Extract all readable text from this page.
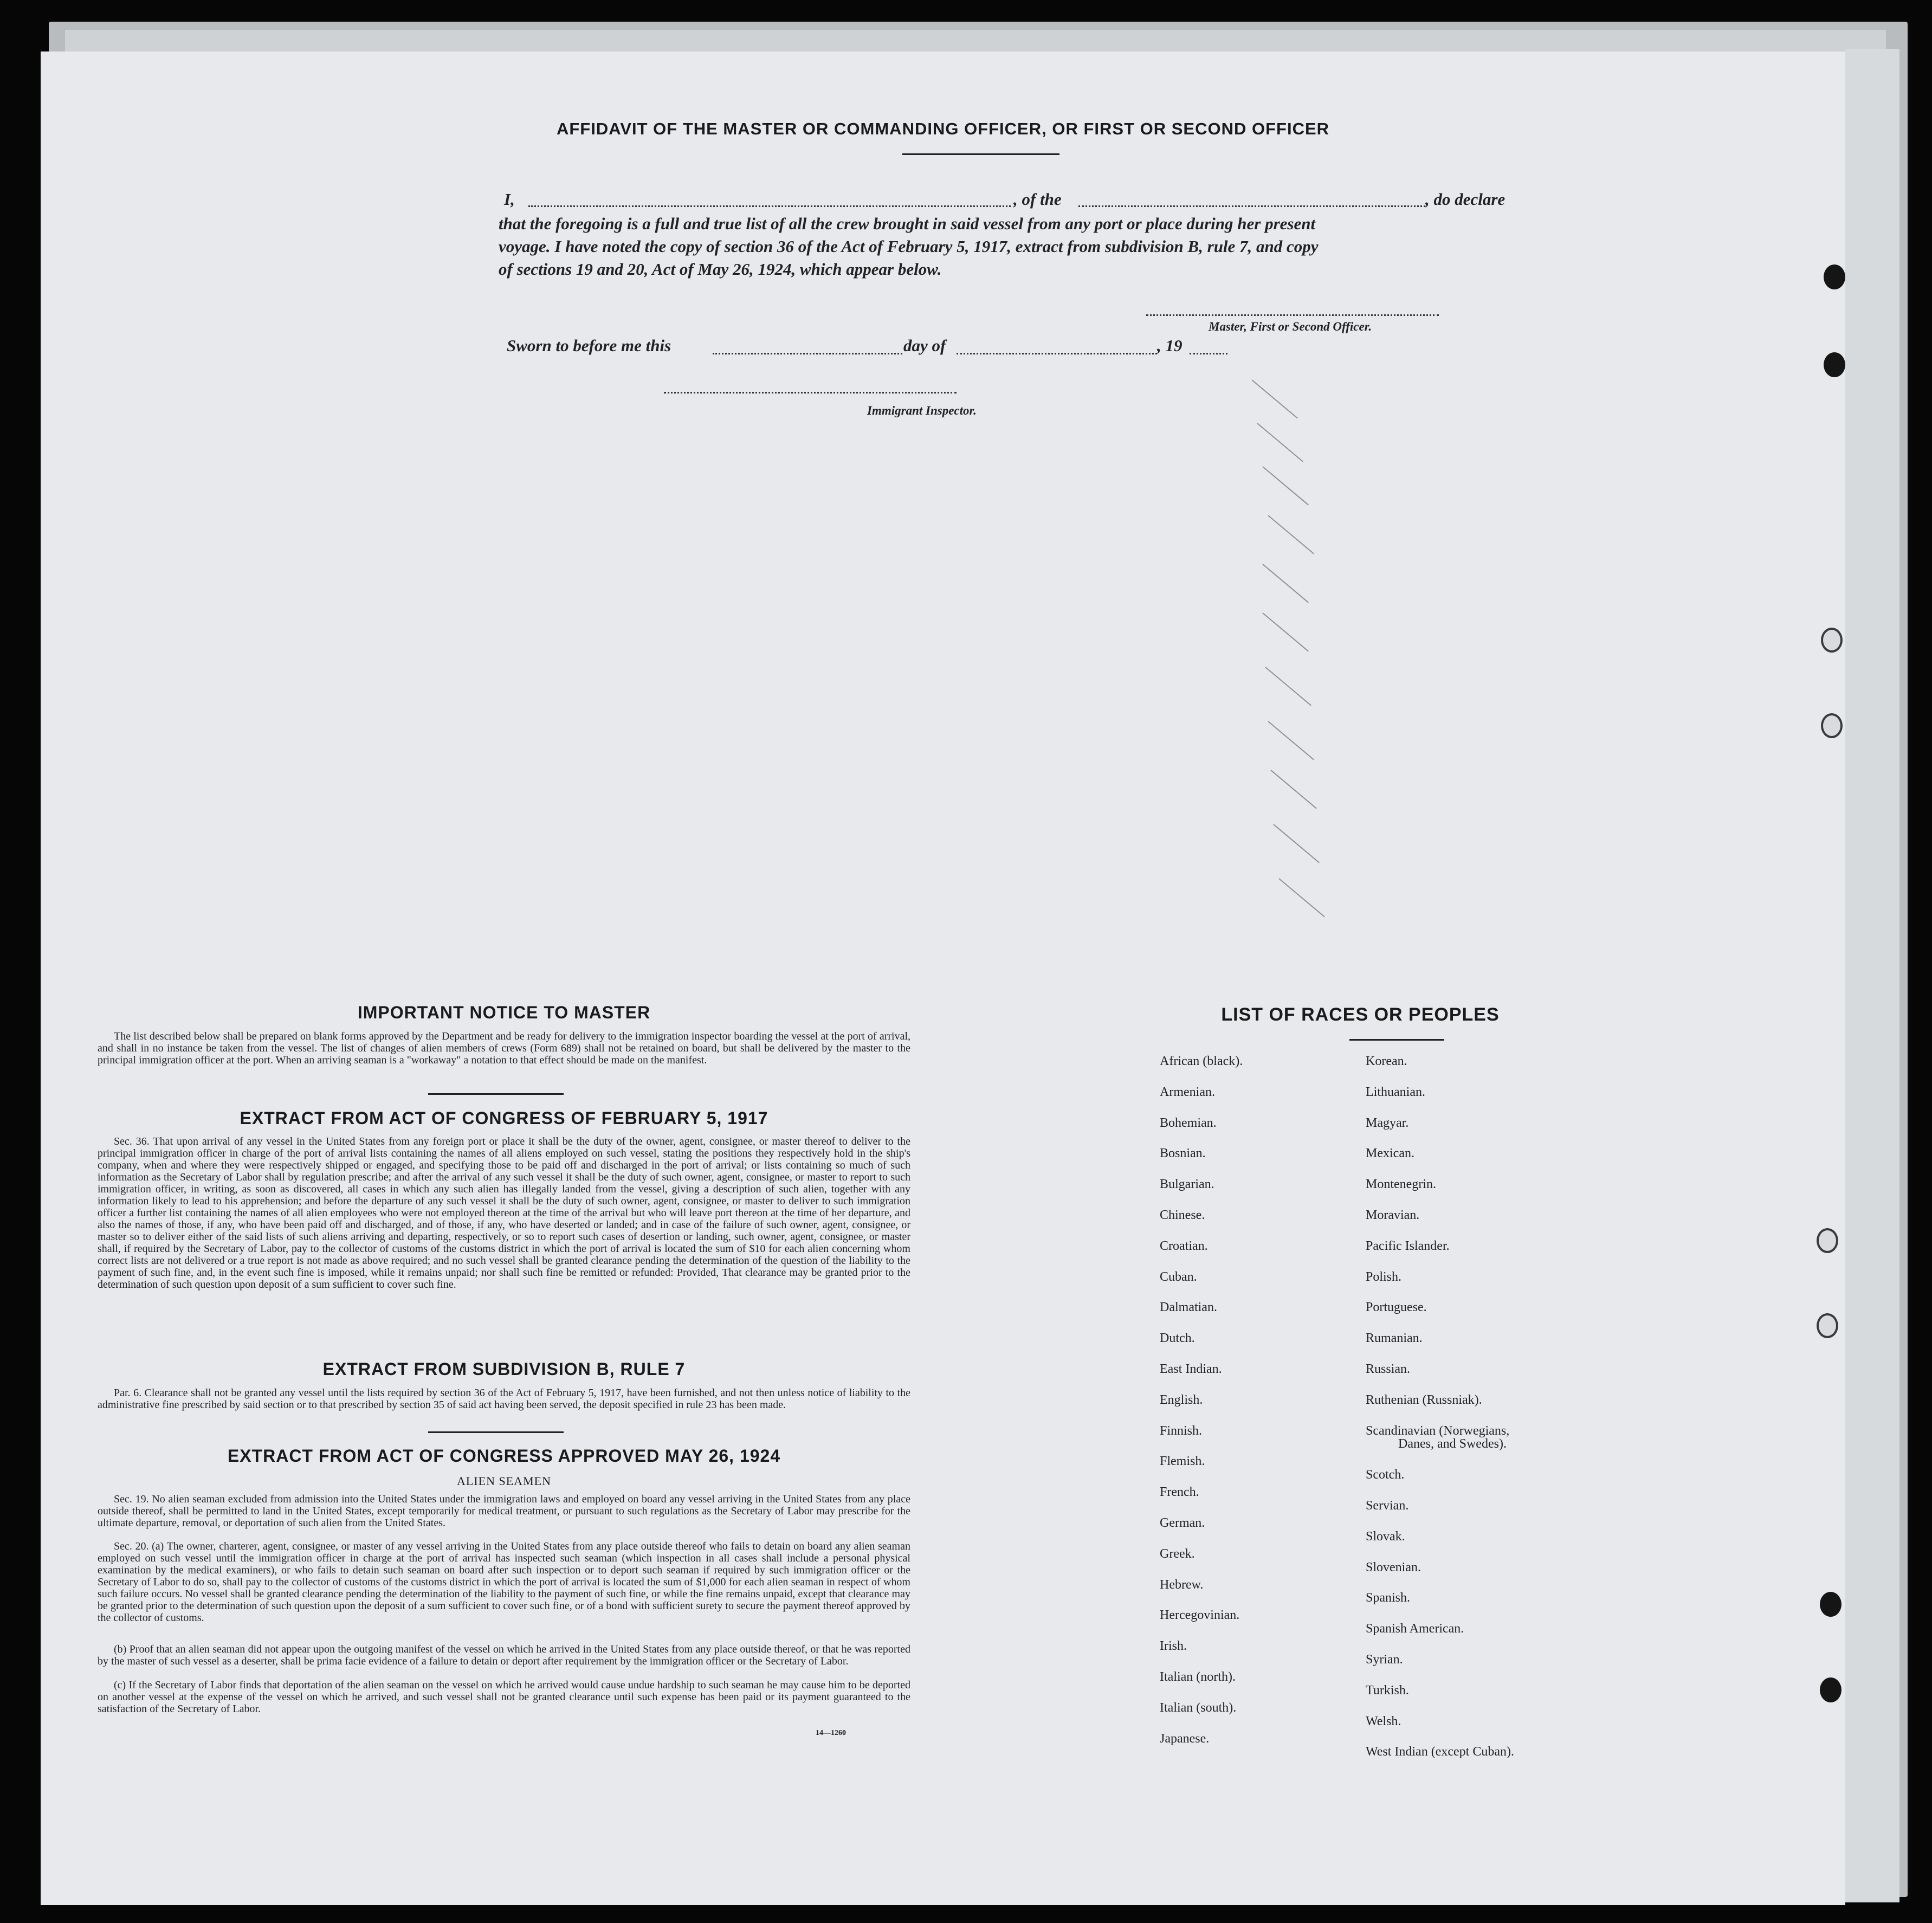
AFFIDAVIT OF THE MASTER OR COMMANDING OFFICER, OR FIRST OR SECOND OFFICER
I,	, of the	, do declare
that the foregoing is a full and true list of all the crew brought in said vessel from any port or place during her present
voyage. I have noted the copy of section 36 of the Act of February 5, 1917, extract from subdivision B, rule 7, and copy
of sections 19 and 20, Act of May 26, 1924, which appear below.
Master, First or Second Officer.
Sworn to before me this	day of	, 19
Immigrant Inspector.
IMPORTANT NOTICE TO MASTER
The list described below shall be prepared on blank forms approved by the Department and be ready for delivery to the immigration inspector boarding the vessel at the port of arrival, and shall in no instance be taken from the vessel. The list of changes of alien members of crews (Form 689) shall not be retained on board, but shall be delivered by the master to the principal immigration officer at the port. When an arriving seaman is a "workaway" a notation to that effect should be made on the manifest.
EXTRACT FROM ACT OF CONGRESS OF FEBRUARY 5, 1917
Sec. 36. That upon arrival of any vessel in the United States from any foreign port or place it shall be the duty of the owner, agent, consignee, or master thereof to deliver to the principal immigration officer in charge of the port of arrival lists containing the names of all aliens employed on such vessel, stating the positions they respectively hold in the ship's company, when and where they were respectively shipped or engaged, and specifying those to be paid off and discharged in the port of arrival; or lists containing so much of such information as the Secretary of Labor shall by regulation prescribe; and after the arrival of any such vessel it shall be the duty of such owner, agent, consignee, or master to report to such immigration officer, in writing, as soon as discovered, all cases in which any such alien has illegally landed from the vessel, giving a description of such alien, together with any information likely to lead to his apprehension; and before the departure of any such vessel it shall be the duty of such owner, agent, consignee, or master to deliver to such immigration officer a further list containing the names of all alien employees who were not employed thereon at the time of the arrival but who will leave port thereon at the time of her departure, and also the names of those, if any, who have been paid off and discharged, and of those, if any, who have deserted or landed; and in case of the failure of such owner, agent, consignee, or master so to deliver either of the said lists of such aliens arriving and departing, respectively, or so to report such cases of desertion or landing, such owner, agent, consignee, or master shall, if required by the Secretary of Labor, pay to the collector of customs of the customs district in which the port of arrival is located the sum of $10 for each alien concerning whom correct lists are not delivered or a true report is not made as above required; and no such vessel shall be granted clearance pending the determination of the question of the liability to the payment of such fine, and, in the event such fine is imposed, while it remains unpaid; nor shall such fine be remitted or refunded: Provided, That clearance may be granted prior to the determination of such question upon deposit of a sum sufficient to cover such fine.
EXTRACT FROM SUBDIVISION B, RULE 7
Par. 6. Clearance shall not be granted any vessel until the lists required by section 36 of the Act of February 5, 1917, have been furnished, and not then unless notice of liability to the administrative fine prescribed by said section or to that prescribed by section 35 of said act having been served, the deposit specified in rule 23 has been made.
EXTRACT FROM ACT OF CONGRESS APPROVED MAY 26, 1924
ALIEN SEAMEN
Sec. 19. No alien seaman excluded from admission into the United States under the immigration laws and employed on board any vessel arriving in the United States from any place outside thereof, shall be permitted to land in the United States, except temporarily for medical treatment, or pursuant to such regulations as the Secretary of Labor may prescribe for the ultimate departure, removal, or deportation of such alien from the United States.
Sec. 20. (a) The owner, charterer, agent, consignee, or master of any vessel arriving in the United States from any place outside thereof who fails to detain on board any alien seaman employed on such vessel until the immigration officer in charge at the port of arrival has inspected such seaman (which inspection in all cases shall include a personal physical examination by the medical examiners), or who fails to detain such seaman on board after such inspection or to deport such seaman if required by such immigration officer or the Secretary of Labor to do so, shall pay to the collector of customs of the customs district in which the port of arrival is located the sum of $1,000 for each alien seaman in respect of whom such failure occurs. No vessel shall be granted clearance pending the determination of the liability to the payment of such fine, or while the fine remains unpaid, except that clearance may be granted prior to the determination of such question upon the deposit of a sum sufficient to cover such fine, or of a bond with sufficient surety to secure the payment thereof approved by the collector of customs.
(b) Proof that an alien seaman did not appear upon the outgoing manifest of the vessel on which he arrived in the United States from any place outside thereof, or that he was reported by the master of such vessel as a deserter, shall be prima facie evidence of a failure to detain or deport after requirement by the immigration officer or the Secretary of Labor.
(c) If the Secretary of Labor finds that deportation of the alien seaman on the vessel on which he arrived would cause undue hardship to such seaman he may cause him to be deported on another vessel at the expense of the vessel on which he arrived, and such vessel shall not be granted clearance until such expense has been paid or its payment guaranteed to the satisfaction of the Secretary of Labor.
14—1260
LIST OF RACES OR PEOPLES
African (black).
Armenian.
Bohemian.
Bosnian.
Bulgarian.
Chinese.
Croatian.
Cuban.
Dalmatian.
Dutch.
East Indian.
English.
Finnish.
Flemish.
French.
German.
Greek.
Hebrew.
Hercegovinian.
Irish.
Italian (north).
Italian (south).
Japanese.
Korean.
Lithuanian.
Magyar.
Mexican.
Montenegrin.
Moravian.
Pacific Islander.
Polish.
Portuguese.
Rumanian.
Russian.
Ruthenian (Russniak).
Scandinavian (Norwegians,
Danes, and Swedes).
Scotch.
Servian.
Slovak.
Slovenian.
Spanish.
Spanish American.
Syrian.
Turkish.
Welsh.
West Indian (except Cuban).
